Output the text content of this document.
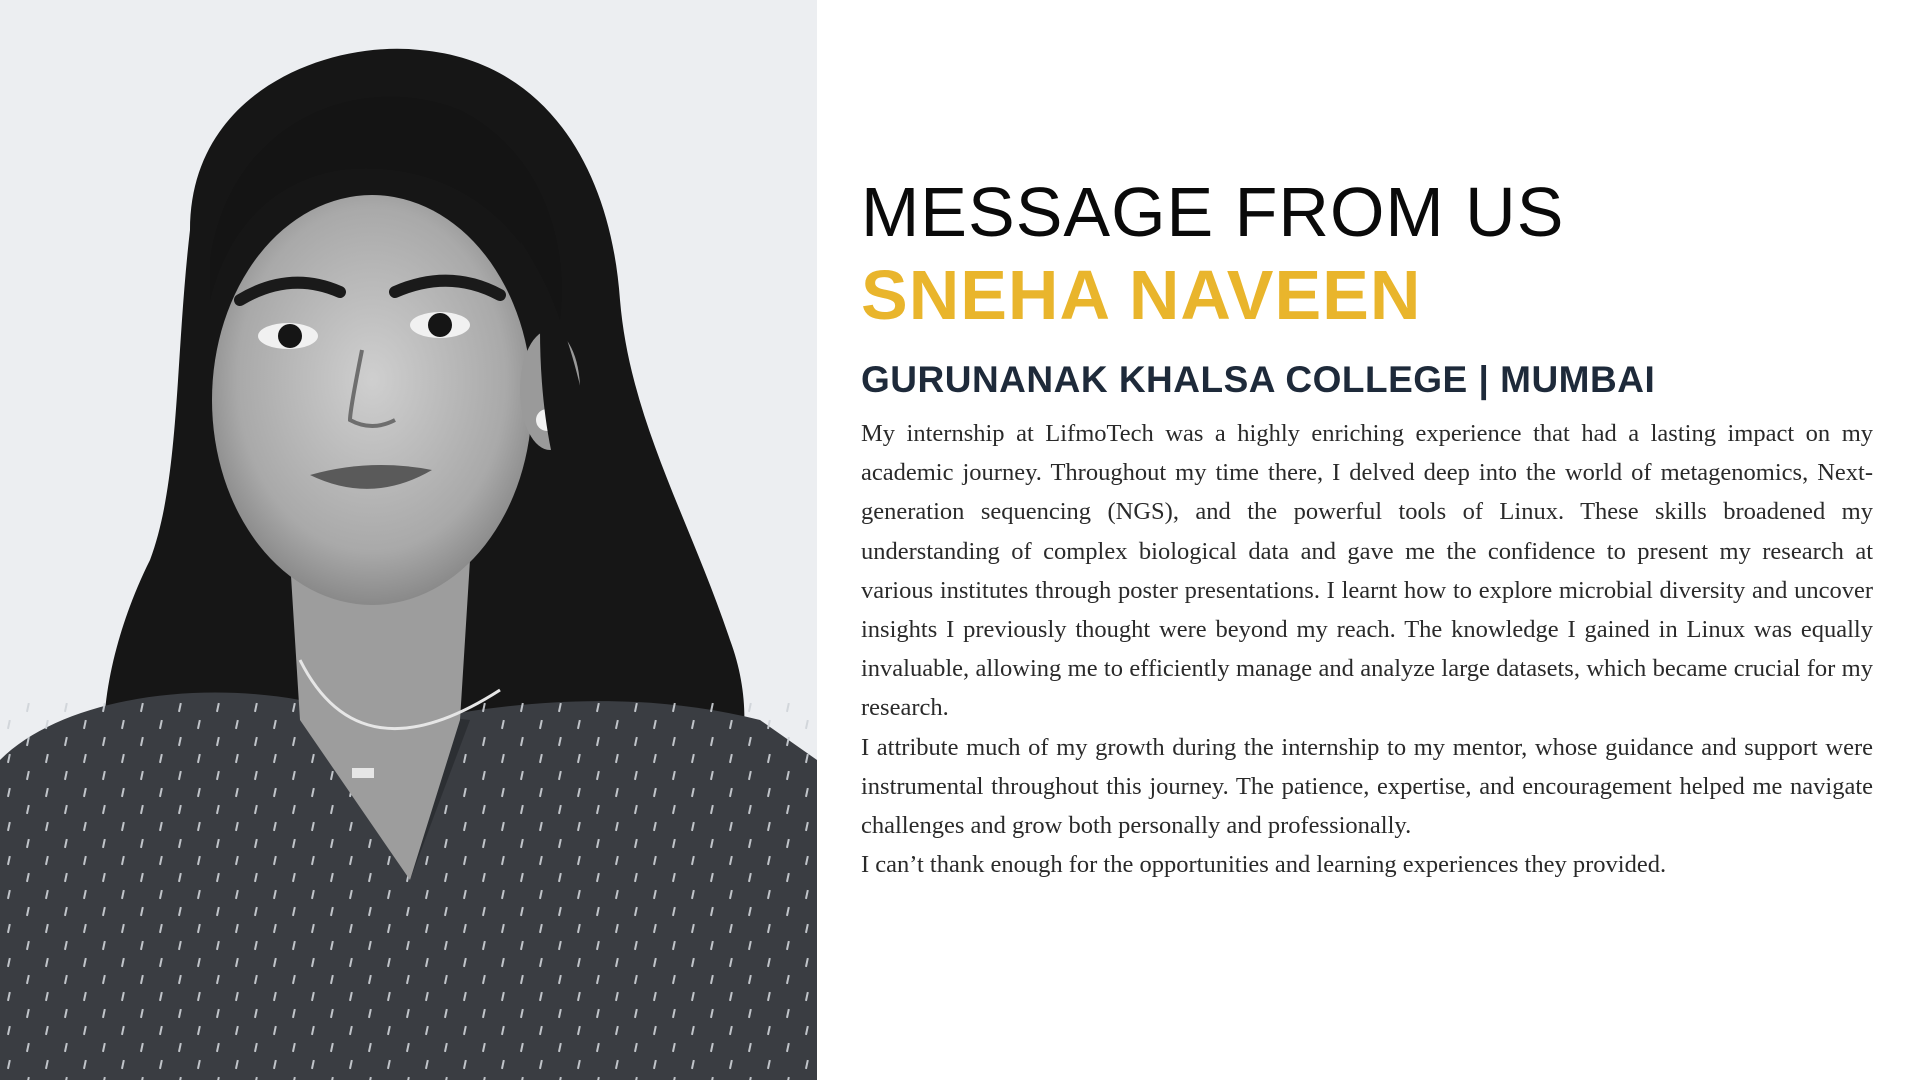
MESSAGE FROM US
SNEHA NAVEEN
GURUNANAK KHALSA COLLEGE | MUMBAI

My internship at LifmoTech was a highly enriching experience that had a lasting impact on my academic journey. Throughout my time there, I delved deep into the world of metagenomics, Next-generation sequencing (NGS), and the powerful tools of Linux. These skills broadened my understanding of complex biological data and gave me the confidence to present my research at various institutes through poster presentations. I learnt how to explore microbial diversity and uncover insights I previously thought were beyond my reach. The knowledge I gained in Linux was equally invaluable, allowing me to efficiently manage and analyze large datasets, which became crucial for my research.

I attribute much of my growth during the internship to my mentor, whose guidance and support were instrumental throughout this journey. The patience, expertise, and encouragement helped me navigate challenges and grow both personally and professionally.

I can’t thank enough for the opportunities and learning experiences they provided.
